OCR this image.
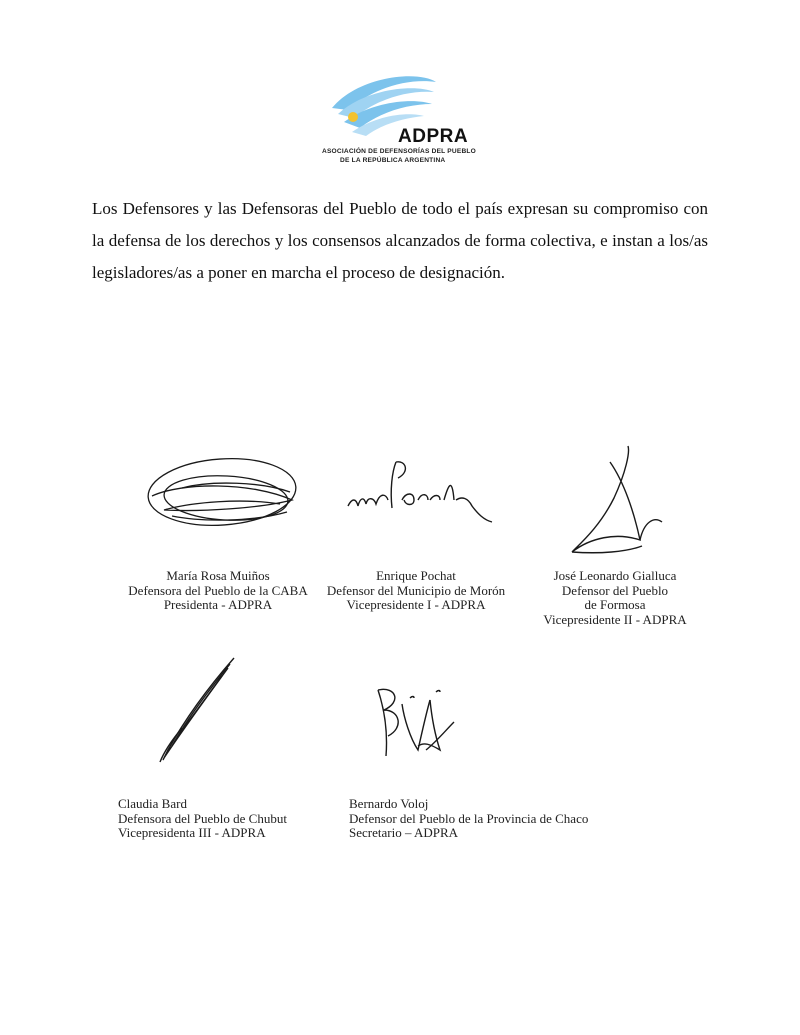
ADPRA
ASOCIACIÓN DE DEFENSORÍAS DEL PUEBLO
DE LA REPÚBLICA ARGENTINA

Los Defensores y las Defensoras del Pueblo de todo el país expresan su compromiso con la defensa de los derechos y los consensos alcanzados de forma colectiva, e instan a los/as legisladores/as a poner en marcha el proceso de designación.

María Rosa Muiños
Defensora del Pueblo de la CABA
Presidenta - ADPRA
Enrique Pochat
Defensor del Municipio de Morón
Vicepresidente I - ADPRA
José Leonardo Gialluca
Defensor del Pueblo
de Formosa
Vicepresidente II - ADPRA
Claudia Bard
Defensora del Pueblo de Chubut
Vicepresidenta III - ADPRA
Bernardo Voloj
Defensor del Pueblo de la Provincia de Chaco
Secretario – ADPRA
